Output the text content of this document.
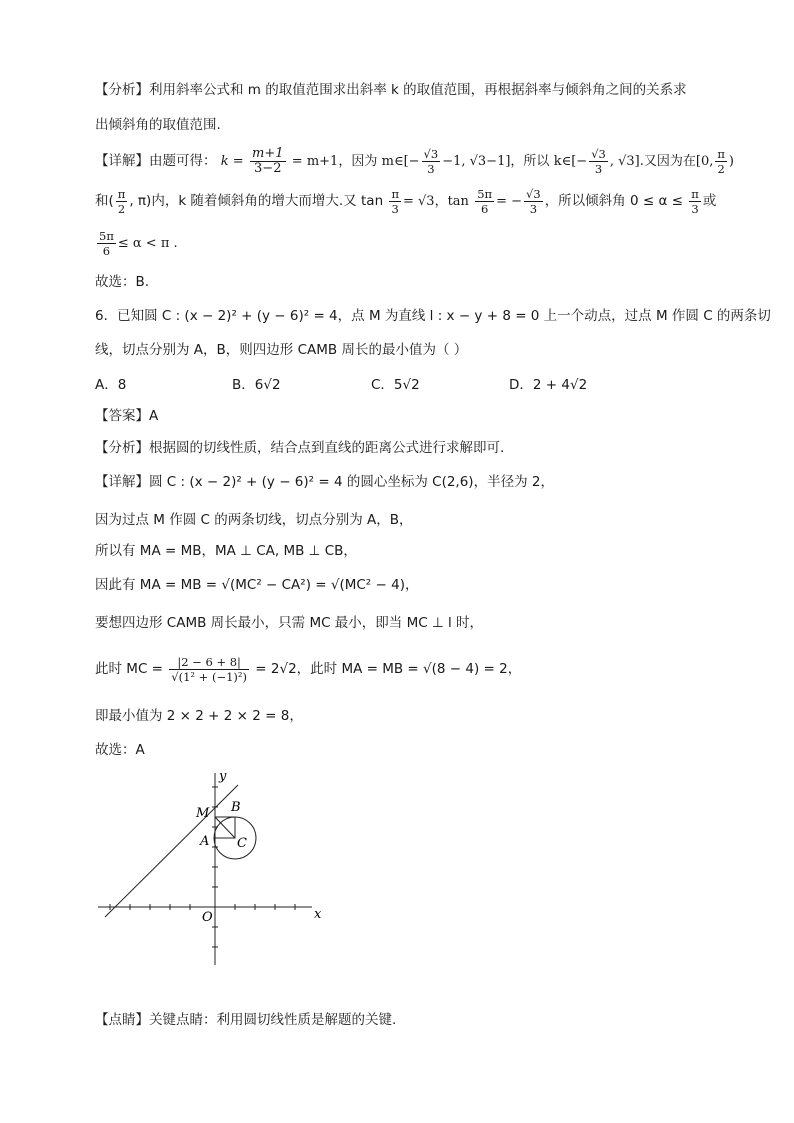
【分析】利用斜率公式和 m 的取值范围求出斜率 k 的取值范围，再根据斜率与倾斜角之间的关系求
出倾斜角的取值范围.
【详解】由题可得： $k = \frac{m+1}{3-2} = m+1$，因为 m∈[− $\frac{√3}{3} -1$, √3−1]，所以 k∈[− $\frac{√3}{3}$ , √3].又因为在[0, $\frac{\pi}{2}$ )
和( $\frac{\pi}{2}$ , π)内，k 随着倾斜角的增大而增大.又 $\tan \frac{\pi}{3} = √3$，$\tan \frac{5\pi}{6}$ = − $\frac{√3}{3}$ ，所以倾斜角 $0 \le \alpha \le \frac{\pi}{3}$ 或
$\frac{5\pi}{6} \le \alpha < \pi$ .
故选：B.
6．已知圆 C : (x − 2)² + (y − 6)² = 4，点 M 为直线 l : x − y + 8 = 0 上一个动点，过点 M 作圆 C 的两条切
线，切点分别为 A，B，则四边形 CAMB 周长的最小值为（ ）
A．8	B．6√2	C．5√2	D．2 + 4√2
【答案】A
【分析】根据圆的切线性质，结合点到直线的距离公式进行求解即可.
【详解】圆 C : (x − 2)² + (y − 6)² = 4 的圆心坐标为 C(2,6)，半径为 2，
因为过点 M 作圆 C 的两条切线，切点分别为 A，B，
所以有 MA = MB，MA ⊥ CA, MB ⊥ CB，
因此有 MA = MB = √(MC² − CA²) = √(MC² − 4)，
要想四边形 CAMB 周长最小，只需 MC 最小，即当 MC ⊥ l 时，
此时 MC = $\frac{|2 - 6 + 8|}{\text{√(1² + (−1)²)}} = 2√2$，此时 MA = MB = √(8 − 4) = 2，
即最小值为 2 × 2 + 2 × 2 = 8，
故选：A
y
x
O
M
A
B
C
【点睛】关键点睛：利用圆切线性质是解题的关键.
